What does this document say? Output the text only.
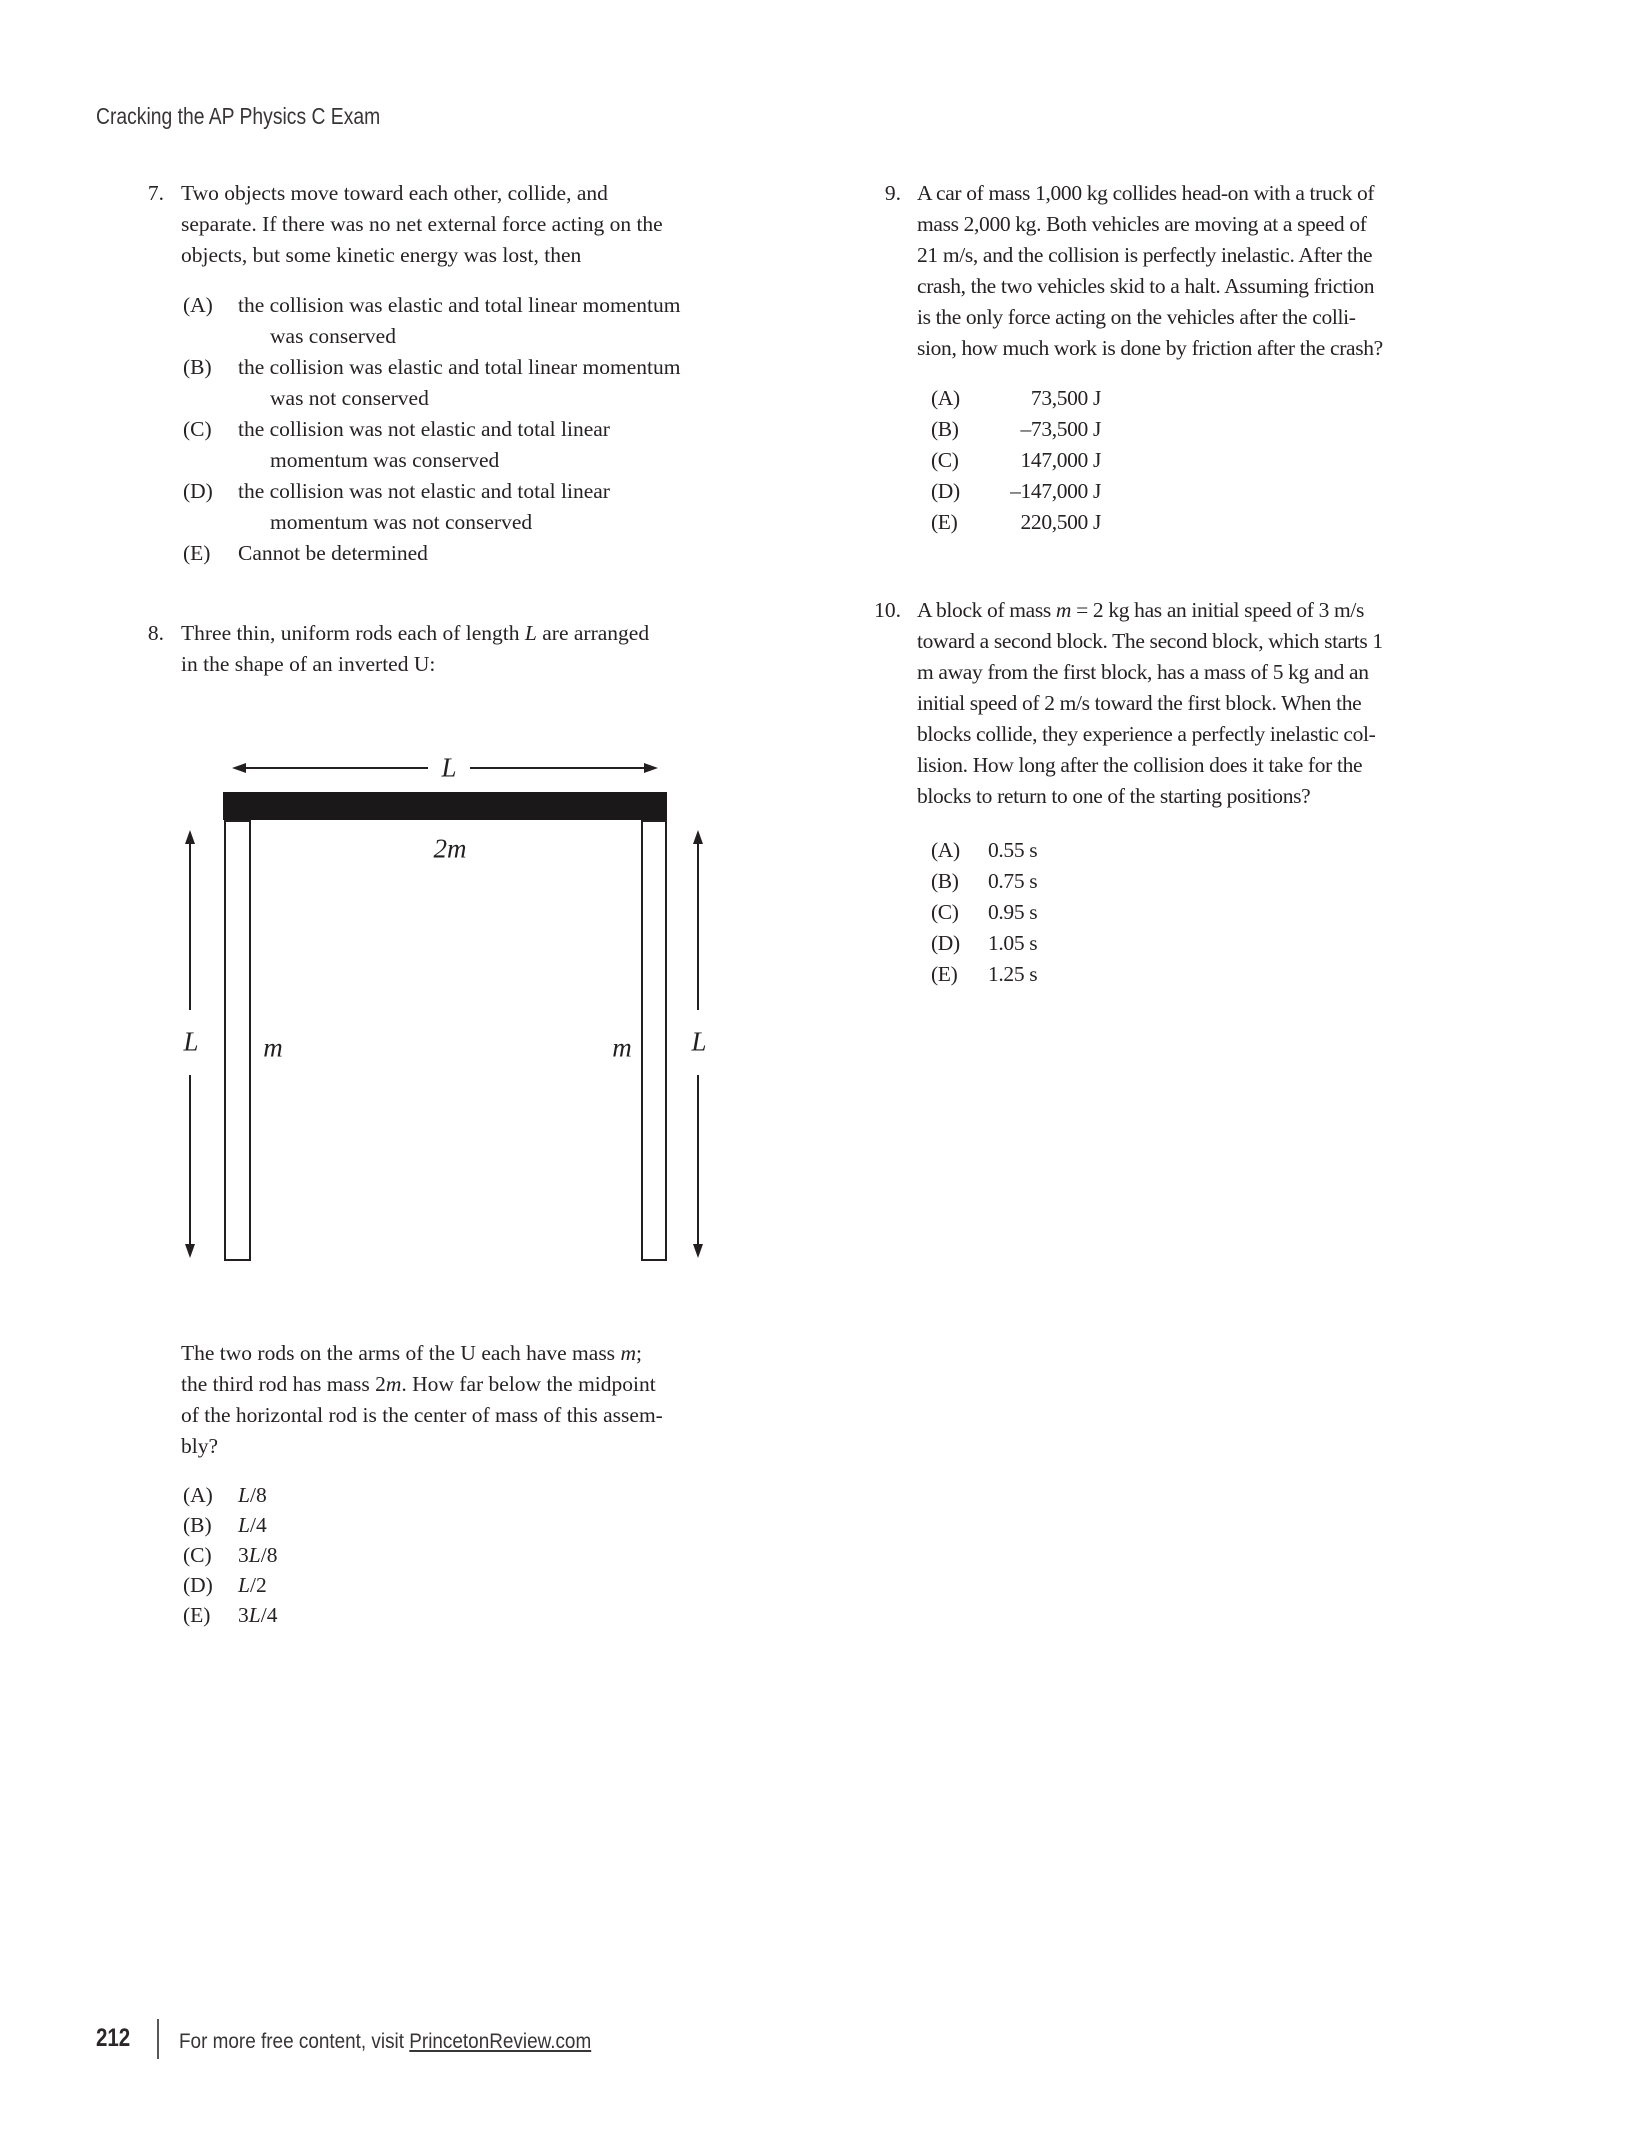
Cracking the AP Physics C Exam
7. Two objects move toward each other, collide, and
separate. If there was no net external force acting on the
objects, but some kinetic energy was lost, then
(A)	the collision was elastic and total linear momentum
was conserved
(B)	the collision was elastic and total linear momentum
was not conserved
(C)	the collision was not elastic and total linear
momentum was conserved
(D)	the collision was not elastic and total linear
momentum was not conserved
(E)	Cannot be determined
8. Three thin, uniform rods each of length L are arranged
in the shape of an inverted U:
L
2m
L m	m L
The two rods on the arms of the U each have mass m;
the third rod has mass 2m. How far below the midpoint
of the horizontal rod is the center of mass of this assem-
bly?
(A)	L/8
(B)	L/4
(C)	3L/8
(D)	L/2
(E)	3L/4
9. A car of mass 1,000 kg collides head-on with a truck of
mass 2,000 kg. Both vehicles are moving at a speed of
21 m/s, and the collision is perfectly inelastic. After the
crash, the two vehicles skid to a halt. Assuming friction
is the only force acting on the vehicles after the colli-
sion, how much work is done by friction after the crash?
(A)	73,500 J
(B)	–73,500 J
(C)	147,000 J
(D)	–147,000 J
(E)	220,500 J
10. A block of mass m = 2 kg has an initial speed of 3 m/s
toward a second block. The second block, which starts 1
m away from the first block, has a mass of 5 kg and an
initial speed of 2 m/s toward the first block. When the
blocks collide, they experience a perfectly inelastic col-
lision. How long after the collision does it take for the
blocks to return to one of the starting positions?
(A)	0.55 s
(B)	0.75 s
(C)	0.95 s
(D)	1.05 s
(E)	1.25 s
212 For more free content, visit PrincetonReview.com
